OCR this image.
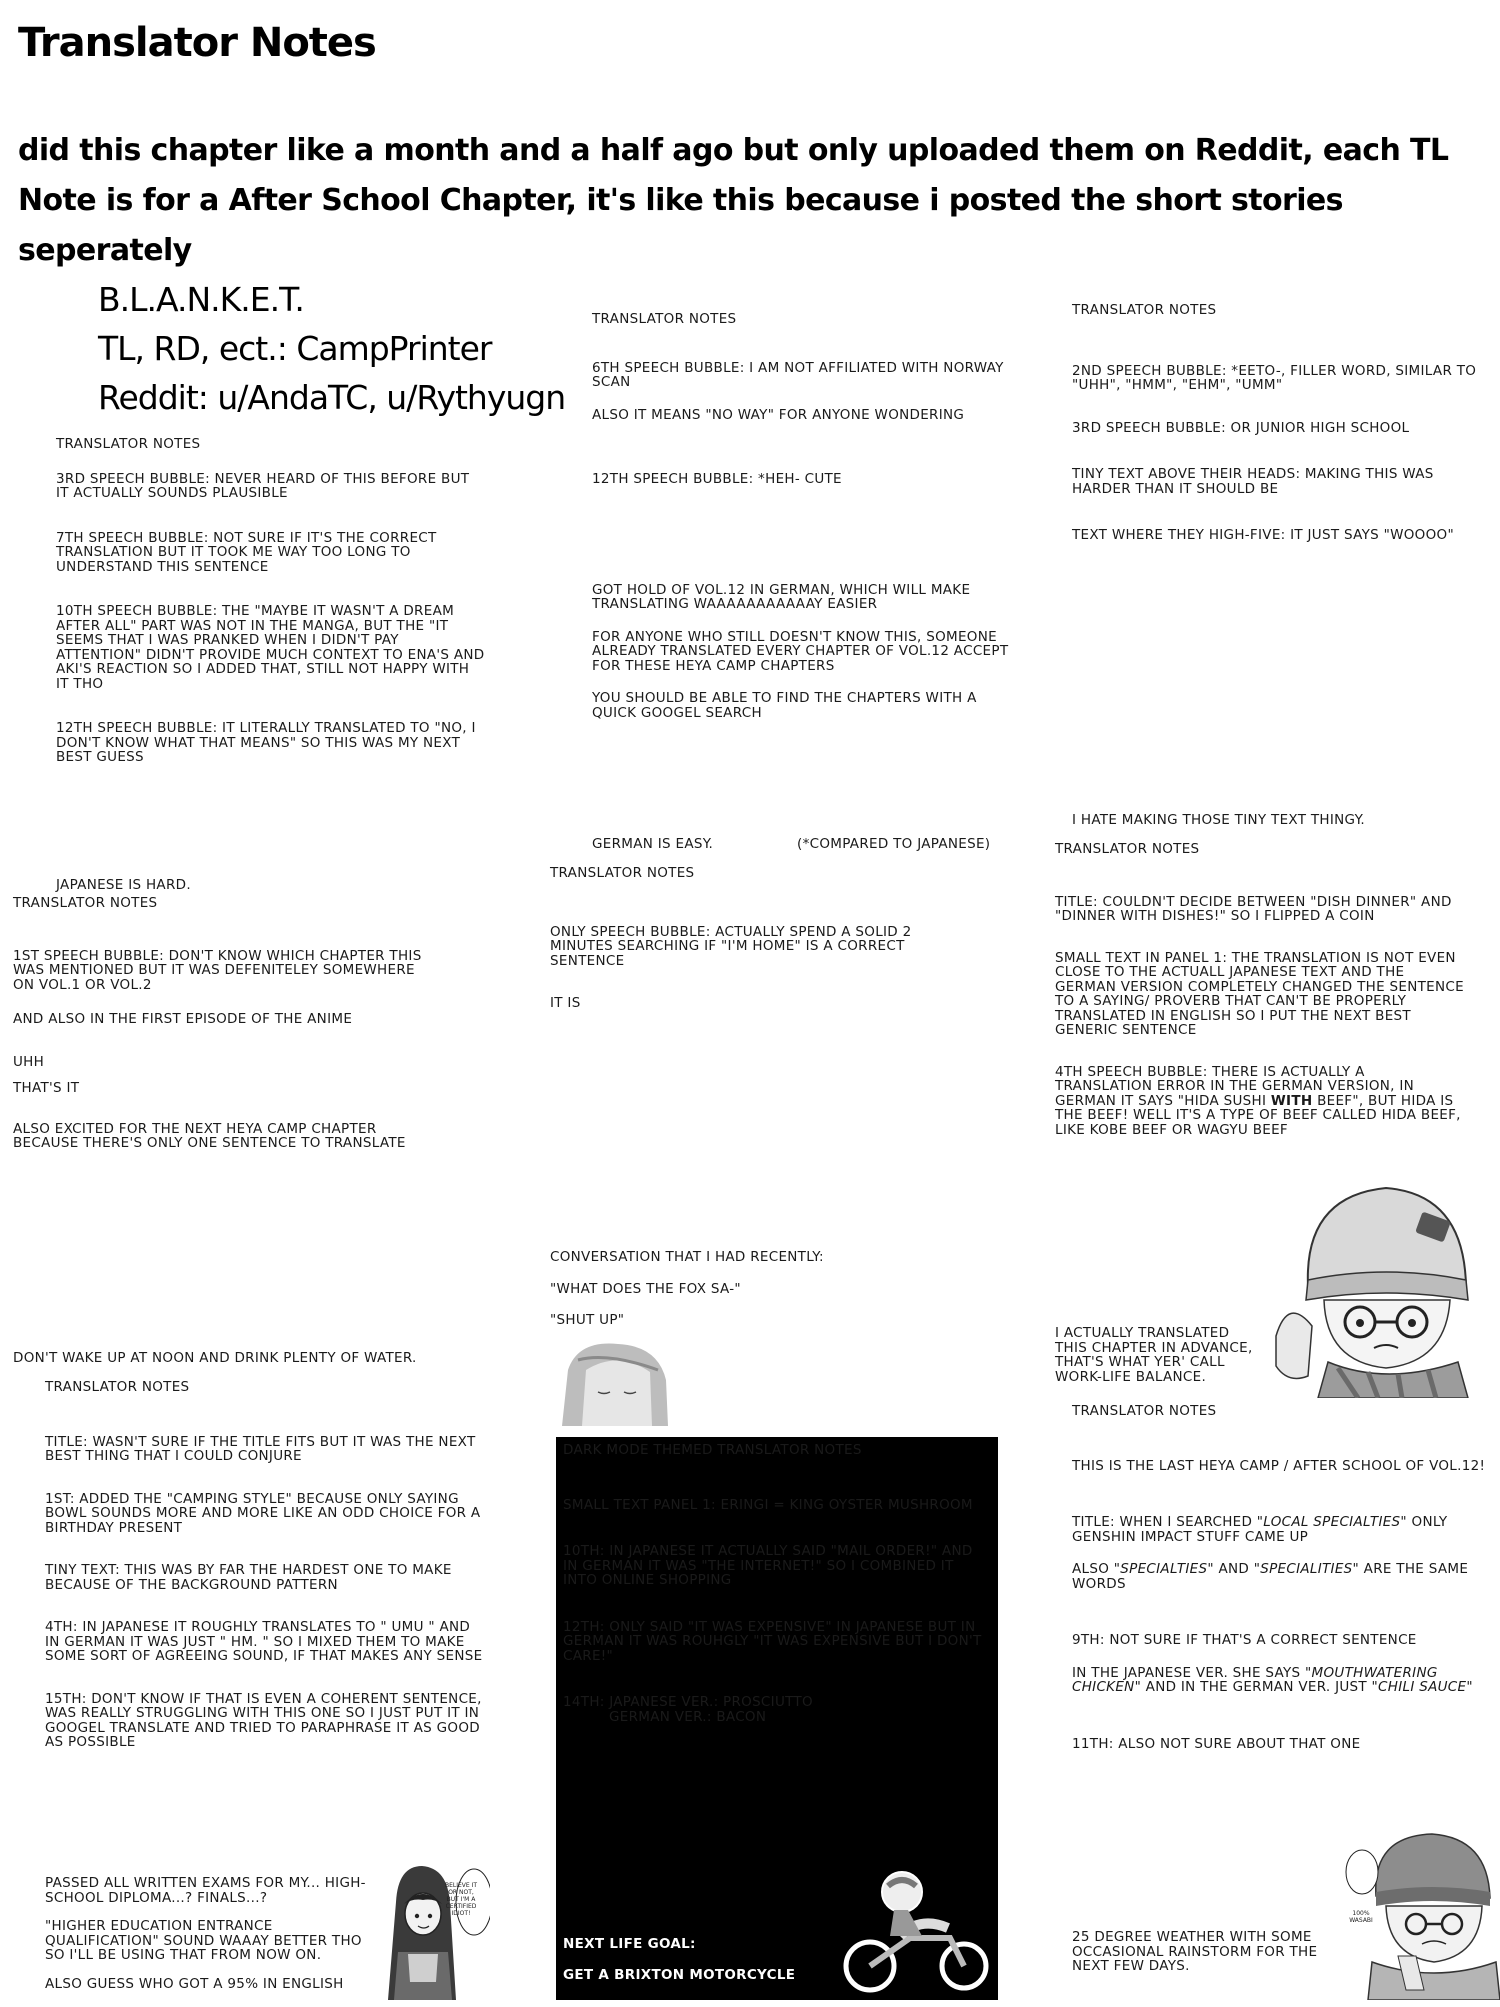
Translator Notes
did this chapter like a month and a half ago but only uploaded them on Reddit, each TL Note is for a After School Chapter, it's like this because i posted the short stories seperately
B.L.A.N.K.E.T.
TL, RD, ect.: CampPrinter
Reddit: u/AndaTC, u/Rythyugn

TRANSLATOR NOTES

3RD SPEECH BUBBLE: NEVER HEARD OF THIS BEFORE BUT IT ACTUALLY SOUNDS PLAUSIBLE

7TH SPEECH BUBBLE: NOT SURE IF IT'S THE CORRECT TRANSLATION BUT IT TOOK ME WAY TOO LONG TO UNDERSTAND THIS SENTENCE

10TH SPEECH BUBBLE: THE "MAYBE IT WASN'T A DREAM AFTER ALL" PART WAS NOT IN THE MANGA, BUT THE "IT SEEMS THAT I WAS PRANKED WHEN I DIDN'T PAY ATTENTION" DIDN'T PROVIDE MUCH CONTEXT TO ENA'S AND AKI'S REACTION SO I ADDED THAT, STILL NOT HAPPY WITH IT THO

12TH SPEECH BUBBLE: IT LITERALLY TRANSLATED TO "NO, I DON'T KNOW WHAT THAT MEANS" SO THIS WAS MY NEXT BEST GUESS

JAPANESE IS HARD.

TRANSLATOR NOTES

1ST SPEECH BUBBLE: DON'T KNOW WHICH CHAPTER THIS WAS MENTIONED BUT IT WAS DEFENITELEY SOMEWHERE ON VOL.1 OR VOL.2

AND ALSO IN THE FIRST EPISODE OF THE ANIME

UHH

THAT'S IT

ALSO EXCITED FOR THE NEXT HEYA CAMP CHAPTER BECAUSE THERE'S ONLY ONE SENTENCE TO TRANSLATE

DON'T WAKE UP AT NOON AND DRINK PLENTY OF WATER.

TRANSLATOR NOTES

TITLE: WASN'T SURE IF THE TITLE FITS BUT IT WAS THE NEXT BEST THING THAT I COULD CONJURE

1ST: ADDED THE "CAMPING STYLE" BECAUSE ONLY SAYING BOWL SOUNDS MORE AND MORE LIKE AN ODD CHOICE FOR A BIRTHDAY PRESENT

TINY TEXT: THIS WAS BY FAR THE HARDEST ONE TO MAKE BECAUSE OF THE BACKGROUND PATTERN

4TH: IN JAPANESE IT ROUGHLY TRANSLATES TO " UMU " AND IN GERMAN IT WAS JUST " HM. " SO I MIXED THEM TO MAKE SOME SORT OF AGREEING SOUND, IF THAT MAKES ANY SENSE

15TH: DON'T KNOW IF THAT IS EVEN A COHERENT SENTENCE, WAS REALLY STRUGGLING WITH THIS ONE SO I JUST PUT IT IN GOOGEL TRANSLATE AND TRIED TO PARAPHRASE IT AS GOOD AS POSSIBLE

PASSED ALL WRITTEN EXAMS FOR MY... HIGH-SCHOOL DIPLOMA...? FINALS...?

"HIGHER EDUCATION ENTRANCE QUALIFICATION" SOUND WAAAY BETTER THO SO I'LL BE USING THAT FROM NOW ON.

ALSO GUESS WHO GOT A 95% IN ENGLISH

BELIEVE IT OR NOT, BUT I'M A CERTIFIED IDIOT!

TRANSLATOR NOTES

6TH SPEECH BUBBLE: I AM NOT AFFILIATED WITH NORWAY SCAN

ALSO IT MEANS "NO WAY" FOR ANYONE WONDERING

12TH SPEECH BUBBLE: *HEH- CUTE

GOT HOLD OF VOL.12 IN GERMAN, WHICH WILL MAKE TRANSLATING WAAAAAAAAAAAY EASIER

FOR ANYONE WHO STILL DOESN'T KNOW THIS, SOMEONE ALREADY TRANSLATED EVERY CHAPTER OF VOL.12 ACCEPT FOR THESE HEYA CAMP CHAPTERS

YOU SHOULD BE ABLE TO FIND THE CHAPTERS WITH A QUICK GOOGEL SEARCH

GERMAN IS EASY.	(*COMPARED TO JAPANESE)

TRANSLATOR NOTES

ONLY SPEECH BUBBLE: ACTUALLY SPEND A SOLID 2 MINUTES SEARCHING IF "I'M HOME" IS A CORRECT SENTENCE

IT IS

CONVERSATION THAT I HAD RECENTLY:

"WHAT DOES THE FOX SA-"

"SHUT UP"

DARK MODE THEMED TRANSLATOR NOTES

SMALL TEXT PANEL 1: ERINGI = KING OYSTER MUSHROOM

10TH: IN JAPANESE IT ACTUALLY SAID "MAIL ORDER!" AND IN GERMAN IT WAS "THE INTERNET!" SO I COMBINED IT INTO ONLINE SHOPPING

12TH: ONLY SAID "IT WAS EXPENSIVE" IN JAPANESE BUT IN GERMAN IT WAS ROUHGLY "IT WAS EXPENSIVE BUT I DON'T CARE!"

14TH: JAPANESE VER.: PROSCIUTTO

GERMAN VER.: BACON

NEXT LIFE GOAL:
GET A BRIXTON MOTORCYCLE

TRANSLATOR NOTES

2ND SPEECH BUBBLE: *EETO-, FILLER WORD, SIMILAR TO "UHH", "HMM", "EHM", "UMM"

3RD SPEECH BUBBLE: OR JUNIOR HIGH SCHOOL

TINY TEXT ABOVE THEIR HEADS: MAKING THIS WAS HARDER THAN IT SHOULD BE

TEXT WHERE THEY HIGH-FIVE: IT JUST SAYS "WOOOO"

I HATE MAKING THOSE TINY TEXT THINGY.

TRANSLATOR NOTES

TITLE: COULDN'T DECIDE BETWEEN "DISH DINNER" AND "DINNER WITH DISHES!" SO I FLIPPED A COIN

SMALL TEXT IN PANEL 1: THE TRANSLATION IS NOT EVEN CLOSE TO THE ACTUALL JAPANESE TEXT AND THE GERMAN VERSION COMPLETELY CHANGED THE SENTENCE TO A SAYING/ PROVERB THAT CAN'T BE PROPERLY TRANSLATED IN ENGLISH SO I PUT THE NEXT BEST GENERIC SENTENCE

4TH SPEECH BUBBLE: THERE IS ACTUALLY A TRANSLATION ERROR IN THE GERMAN VERSION, IN GERMAN IT SAYS "HIDA SUSHI WITH BEEF", BUT HIDA IS THE BEEF! WELL IT'S A TYPE OF BEEF CALLED HIDA BEEF, LIKE KOBE BEEF OR WAGYU BEEF

I ACTUALLY TRANSLATED THIS CHAPTER IN ADVANCE, THAT'S WHAT YER' CALL WORK-LIFE BALANCE.

TRANSLATOR NOTES

THIS IS THE LAST HEYA CAMP / AFTER SCHOOL OF VOL.12!

TITLE: WHEN I SEARCHED "LOCAL SPECIALTIES" ONLY GENSHIN IMPACT STUFF CAME UP

ALSO "SPECIALTIES" AND "SPECIALITIES" ARE THE SAME WORDS

9TH: NOT SURE IF THAT'S A CORRECT SENTENCE

IN THE JAPANESE VER. SHE SAYS "MOUTHWATERING CHICKEN" AND IN THE GERMAN VER. JUST "CHILI SAUCE"

11TH: ALSO NOT SURE ABOUT THAT ONE

25 DEGREE WEATHER WITH SOME OCCASIONAL RAINSTORM FOR THE NEXT FEW DAYS.
100% WASABI
